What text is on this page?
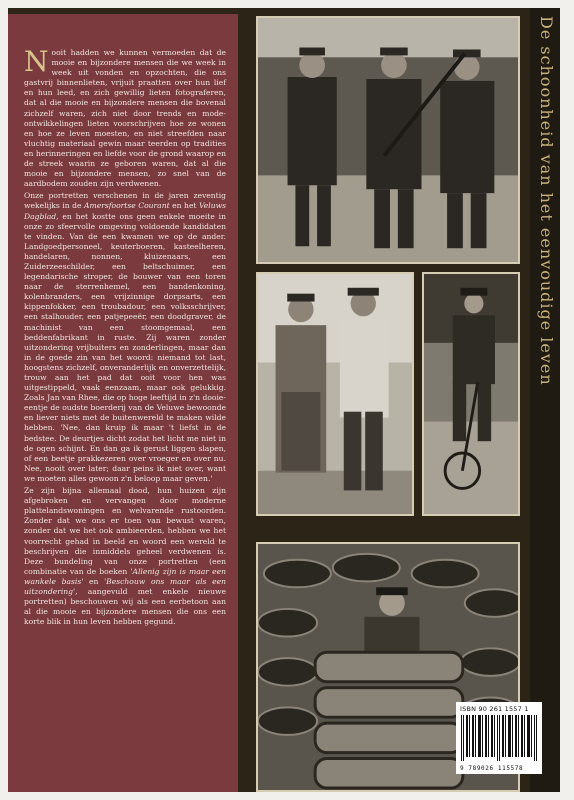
Nooit hadden we kunnen vermoeden dat de mooie en bijzondere mensen die we week in week uit vonden en opzochten, die ons gastvrij binnenlieten, vrijuit praatten over hun lief en hun leed, en zich gewillig lieten fotograferen, dat al die mooie en bijzondere mensen die bovenal zichzelf waren, zich niet door trends en mode-ontwikkelingen lieten voorschrijven hoe ze wonen en hoe ze leven moesten, en niet streefden naar vluchtig materiaal gewin maar teerden op tradities en herinneringen en liefde voor de grond waarop en de streek waarin ze geboren waren, dat al die mooie en bijzondere mensen, zo snel van de aardbodem zouden zijn verdwenen.

Onze portretten verschenen in de jaren zeventig wekelijks in de Amersfoortse Courant en het Veluws Dagblad, en het kostte ons geen enkele moeite in onze zo sfeervolle omgeving voldoende kandidaten te vinden. Van de een kwamen we op de ander. Landgoedpersoneel, keuterboeren, kasteelheren, handelaren, nonnen, kluizenaars, een Zuiderzeeschilder, een beltschuimer, een legendarische stroper, de bouwer van een toren naar de sterrenhemel, een bandenkoning, kolenbranders, een vrijzinnige dorpsarts, een kippenfokker, een troubadour, een volksschrijver, een stalhouder, een patjepeeër, een doodgraver, de machinist van een stoomgemaal, een beddenfabrikant in ruste. Zij waren zonder uitzondering vrijbuiters en zonderlingen, maar dan in de goede zin van het woord: niemand tot last, hoogstens zichzelf, onveranderlijk en onverzettelijk, trouw aan het pad dat ooit voor hen was uitgestippeld, vaak eenzaam, maar ook gelukkig. Zoals Jan van Rhee, die op hoge leeftijd in z'n dooie-eentje de oudste boerderij van de Veluwe bewoonde en liever niets met de buitenwereld te maken wilde hebben. 'Nee, dan kruip ik maar 't liefst in de bedstee. De deurtjes dicht zodat het licht me niet in de ogen schijnt. En dan ga ik gerust liggen slapen, of een beetje prakkezeren over vroeger en over nu. Nee, nooit over later; daar peins ik niet over, want we moeten alles gewoon z'n beloop maar geven.'

Ze zijn bijna allemaal dood, hun huizen zijn afgebroken en vervangen door moderne plattelandswoningen en welvarende rustoorden. Zonder dat we ons er toen van bewust waren, zonder dat we het ook ambieerden, hebben we het voorrecht gehad in beeld en woord een wereld te beschrijven die inmiddels geheel verdwenen is. Deze bundeling van onze portretten (een combinatie van de boeken 'Allenig zijn is maar een wankele basis' en 'Beschouw ons maar als een uitzondering', aangevuld met enkele nieuwe portretten) beschouwen wij als een eerbetoon aan al die mooie en bijzondere mensen die ons een korte blik in hun leven hebben gegund.

De schoonheid van het eenvoudige leven
ISBN 90 261 1557 1
9 789026 115578
